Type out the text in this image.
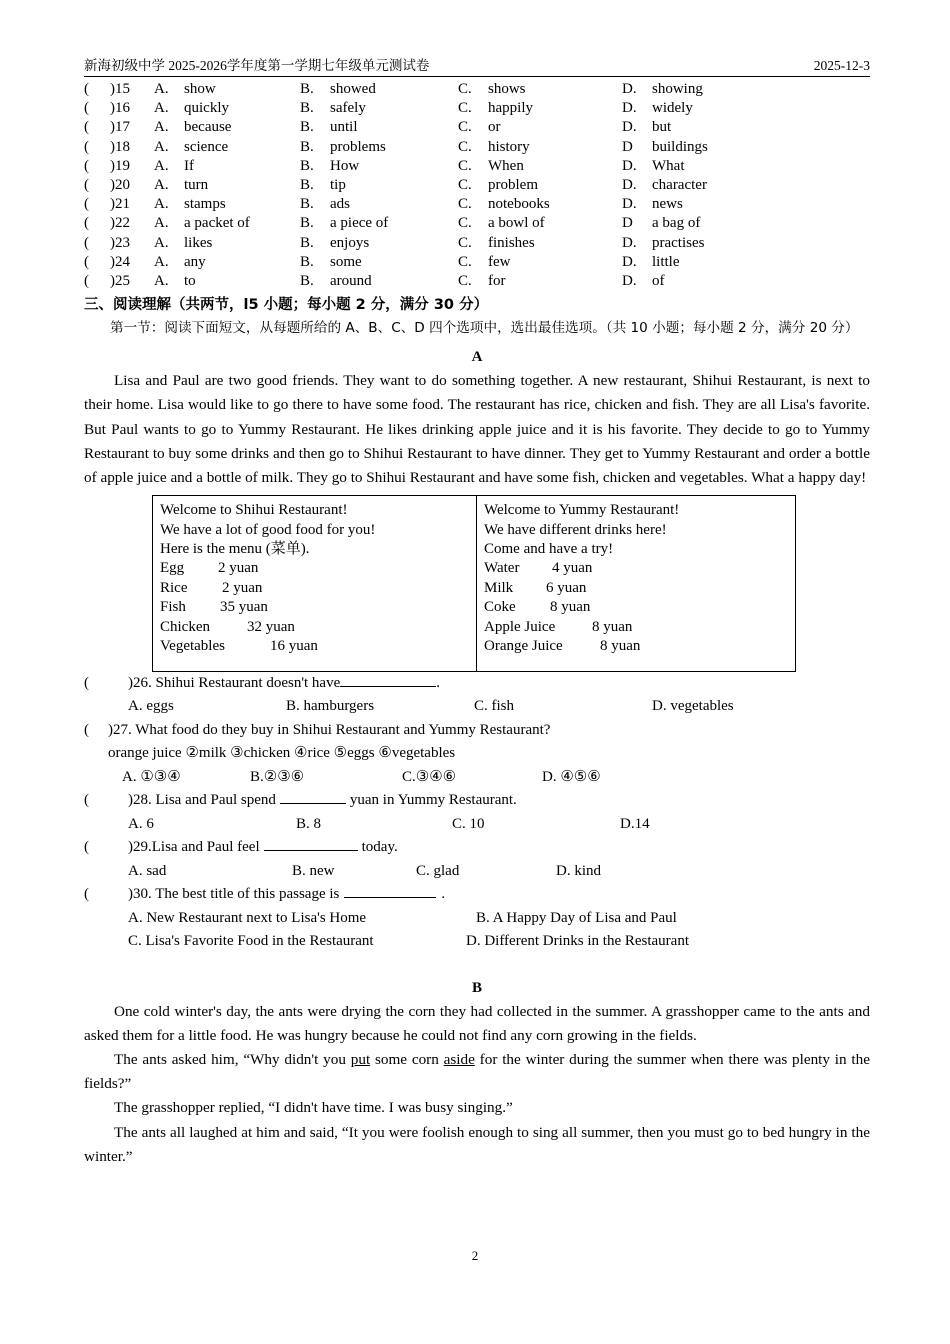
新海初级中学 2025-2026学年度第一学期七年级单元测试卷	2025-12-3
(	)15	A. show	B. showed	C. shows	D. showing
(	)16	A. quickly	B. safely	C. happily	D. widely
(	)17	A. because	B. until	C. or	D. but
(	)18	A. science	B. problems	C. history	D buildings
(	)19	A. If	B. How	C. When	D. What
(	)20	A. turn	B. tip	C. problem	D. character
(	)21	A. stamps	B. ads	C. notebooks	D. news
(	)22	A. a packet of	B. a piece of	C. a bowl of	D a bag of
(	)23	A. likes	B. enjoys	C. finishes	D. practises
(	)24	A. any	B. some	C. few	D. little
(	)25	A. to	B. around	C. for	D. of
三、阅读理解（共两节，l5 小题；每小题 2 分，满分 30 分）
第一节：阅读下面短文，从每题所给的 A、B、C、D 四个选项中，选出最佳选项。（共 10 小题；每小题 2 分，满分 20 分）
A

Lisa and Paul are two good friends. They want to do something together. A new restaurant, Shihui Restaurant, is next to their home. Lisa would like to go there to have some food. The restaurant has rice, chicken and fish. They are all Lisa's favorite. But Paul wants to go to Yummy Restaurant. He likes drinking apple juice and it is his favorite. They decide to go to Yummy Restaurant to buy some drinks and then go to Shihui Restaurant to have dinner. They get to Yummy Restaurant and order a bottle of apple juice and a bottle of milk. They go to Shihui Restaurant and have some fish, chicken and vegetables. What a happy day!

Welcome to Shihui Restaurant!
We have a lot of good food for you!
Here is the menu (菜单).
Egg	2 yuan
Rice	2 yuan
Fish	35 yuan
Chicken	32 yuan
Vegetables	16 yuan
Welcome to Yummy Restaurant!
We have different drinks here!
Come and have a try!
Water	4 yuan
Milk	6 yuan
Coke	8 yuan
Apple Juice	8 yuan
Orange Juice	8 yuan
(	)26. Shihui Restaurant doesn't have	.
A. eggs	B. hamburgers	C. fish	D. vegetables
( )27. What food do they buy in Shihui Restaurant and Yummy Restaurant?
orange juice ②milk ③chicken ④rice ⑤eggs ⑥vegetables
A. ①③④	B.②③⑥	C.③④⑥	D. ④⑤⑥
(	)28. Lisa and Paul spend	yuan in Yummy Restaurant.
A. 6	B. 8	C. 10	D.14
(	)29.Lisa and Paul feel	today.
A. sad	B. new	C. glad	D. kind
(	)30. The best title of this passage is	.
A. New Restaurant next to Lisa's Home	B. A Happy Day of Lisa and Paul
C. Lisa's Favorite Food in the Restaurant	D. Different Drinks in the Restaurant
B

One cold winter's day, the ants were drying the corn they had collected in the summer. A grasshopper came to the ants and asked them for a little food. He was hungry because he could not find any corn growing in the fields.

The ants asked him, “Why didn't you put some corn aside for the winter during the summer when there was plenty in the fields?”

The grasshopper replied, “I didn't have time. I was busy singing.”

The ants all laughed at him and said, “It you were foolish enough to sing all summer, then you must go to bed hungry in the winter.”

2
